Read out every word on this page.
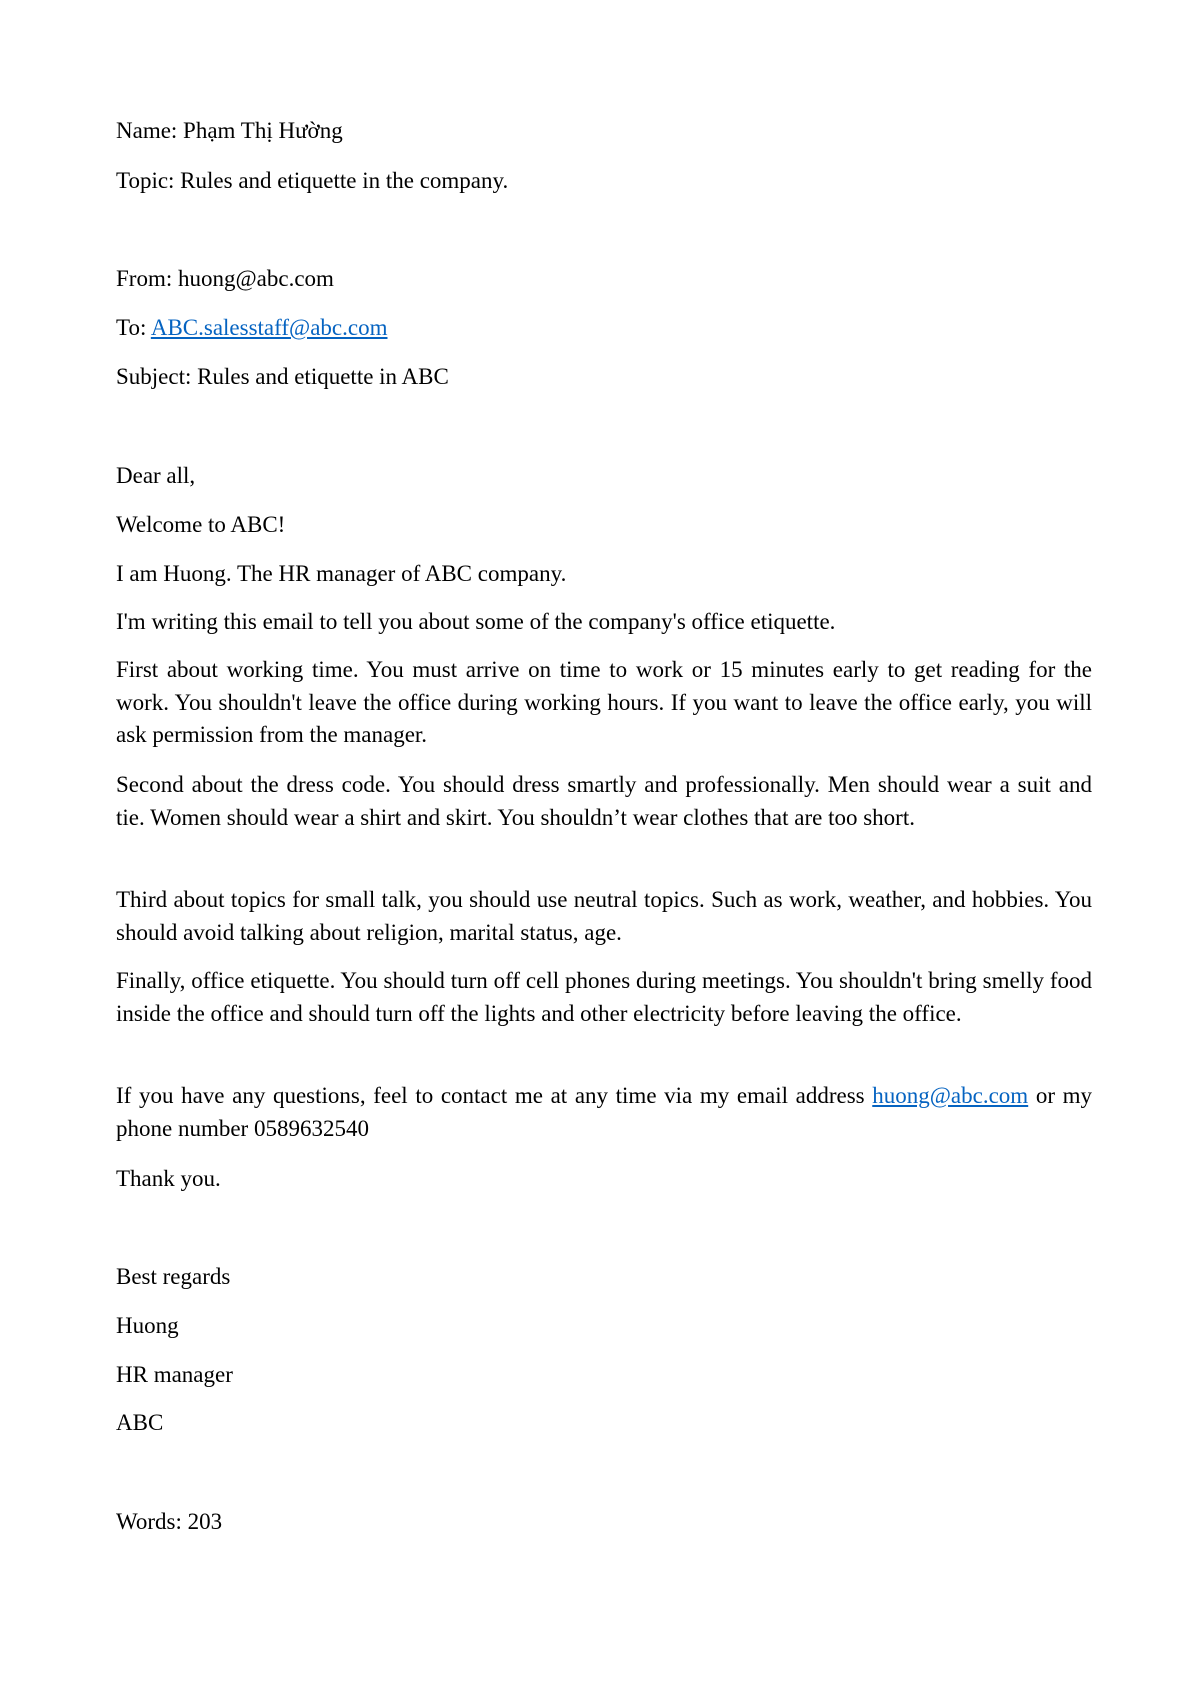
Name: Phạm Thị Hường

Topic: Rules and etiquette in the company.

From: huong@abc.com

To: ABC.salesstaff@abc.com

Subject: Rules and etiquette in ABC

Dear all,

Welcome to ABC!

I am Huong. The HR manager of ABC company.

I'm writing this email to tell you about some of the company's office etiquette.

First about working time. You must arrive on time to work or 15 minutes early to get reading for the work. You shouldn't leave the office during working hours. If you want to leave the office early, you will ask permission from the manager.

Second about the dress code. You should dress smartly and professionally. Men should wear a suit and tie. Women should wear a shirt and skirt. You shouldn’t wear clothes that are too short.

Third about topics for small talk, you should use neutral topics. Such as work, weather, and hobbies. You should avoid talking about religion, marital status, age.

Finally, office etiquette. You should turn off cell phones during meetings. You shouldn't bring smelly food inside the office and should turn off the lights and other electricity before leaving the office.

If you have any questions, feel to contact me at any time via my email address huong@abc.com or my phone number 0589632540

Thank you.

Best regards

Huong

HR manager

ABC

Words: 203
